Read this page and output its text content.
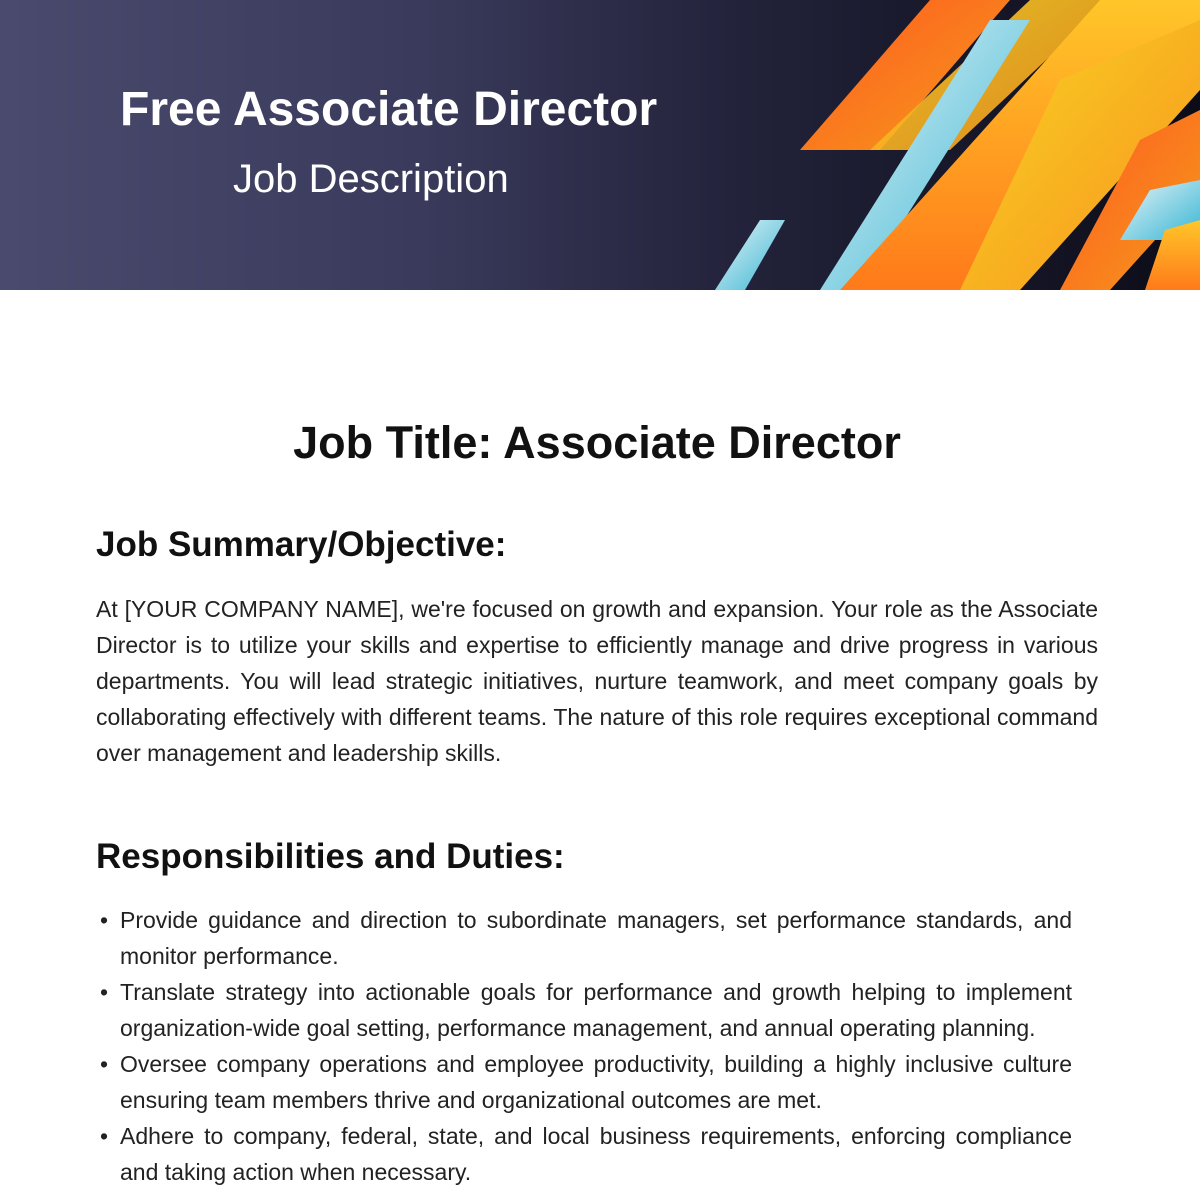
Free Associate Director
Job Description
Job Title: Associate Director
Job Summary/Objective:

At [YOUR COMPANY NAME], we're focused on growth and expansion. Your role as the Associate Director is to utilize your skills and expertise to efficiently manage and drive progress in various departments. You will lead strategic initiatives, nurture teamwork, and meet company goals by collaborating effectively with different teams. The nature of this role requires exceptional command over management and leadership skills.

Responsibilities and Duties:
• Provide guidance and direction to subordinate managers, set performance standards, and monitor performance.
• Translate strategy into actionable goals for performance and growth helping to implement organization-wide goal setting, performance management, and annual operating planning.
• Oversee company operations and employee productivity, building a highly inclusive culture ensuring team members thrive and organizational outcomes are met.
• Adhere to company, federal, state, and local business requirements, enforcing compliance and taking action when necessary.
